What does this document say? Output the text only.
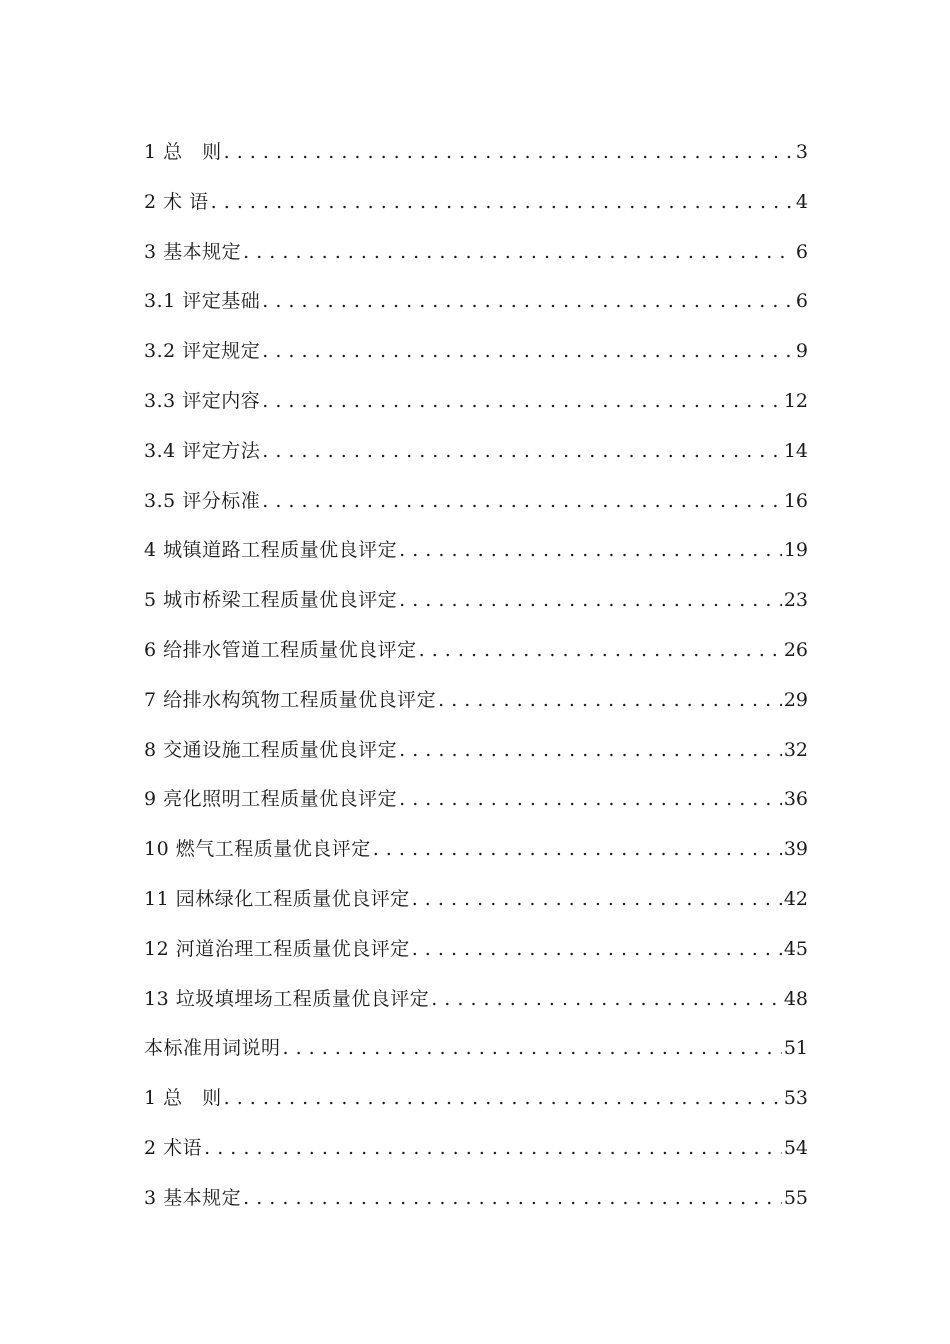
1 总　则 . . .	3
2 术 语 . . .	4
3 基本规定 . . .	6
3.1 评定基础 . . .	6
3.2 评定规定 . . .	9
3.3 评定内容 . . .	12
3.4 评定方法 . . .	14
3.5 评分标准 . . .	16
4 城镇道路工程质量优良评定 . . .	19
5 城市桥梁工程质量优良评定 . . .	23
6 给排水管道工程质量优良评定 . . .	26
7 给排水构筑物工程质量优良评定 . . .	29
8 交通设施工程质量优良评定 . . .	32
9 亮化照明工程质量优良评定 . . .	36
10 燃气工程质量优良评定 . . .	39
11 园林绿化工程质量优良评定 . . .	42
12 河道治理工程质量优良评定 . . .	45
13 垃圾填埋场工程质量优良评定 . . .	48
本标准用词说明 . . .	51
1 总　则 . . .	53
2 术语 . . .	54
3 基本规定 . . .	55
